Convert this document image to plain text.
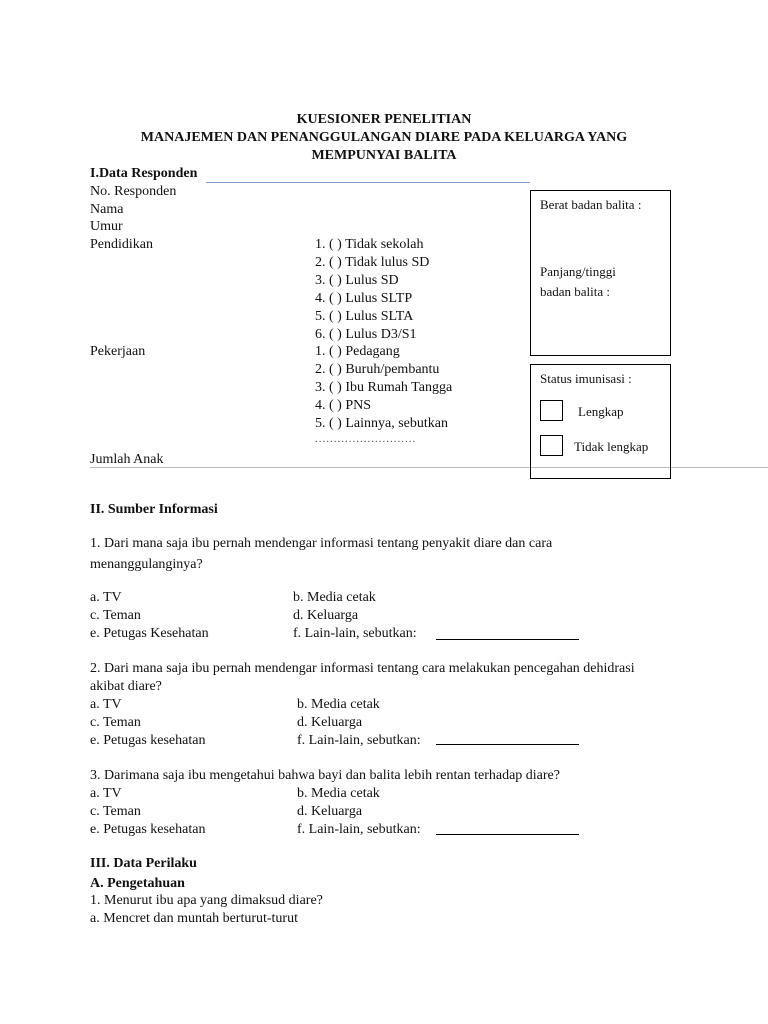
KUESIONER PENELITIAN
MANAJEMEN DAN PENANGGULANGAN DIARE PADA KELUARGA YANG
MEMPUNYAI BALITA
I.Data Responden
No. Responden
Nama
Umur
Pendidikan	1. ( ) Tidak sekolah
2. ( ) Tidak lulus SD
3. ( ) Lulus SD
4. ( ) Lulus SLTP
5. ( ) Lulus SLTA
6. ( ) Lulus D3/S1
Pekerjaan	1. ( ) Pedagang
2. ( ) Buruh/pembantu
3. ( ) Ibu Rumah Tangga
4. ( ) PNS
5. ( ) Lainnya, sebutkan
...........................
Jumlah Anak
Berat badan balita :
Panjang/tinggi
badan balita :
Status imunisasi :
Lengkap
Tidak lengkap
II. Sumber Informasi
1. Dari mana saja ibu pernah mendengar informasi tentang penyakit diare dan cara
menanggulanginya?
a. TV	b. Media cetak
c. Teman	d. Keluarga
e. Petugas Kesehatan	f. Lain-lain, sebutkan:
2. Dari mana saja ibu pernah mendengar informasi tentang cara melakukan pencegahan dehidrasi
akibat diare?
a. TV	b. Media cetak
c. Teman	d. Keluarga
e. Petugas kesehatan	f. Lain-lain, sebutkan:
3. Darimana saja ibu mengetahui bahwa bayi dan balita lebih rentan terhadap diare?
a. TV	b. Media cetak
c. Teman	d. Keluarga
e. Petugas kesehatan	f. Lain-lain, sebutkan:
III. Data Perilaku
A. Pengetahuan
1. Menurut ibu apa yang dimaksud diare?
a. Mencret dan muntah berturut-turut
